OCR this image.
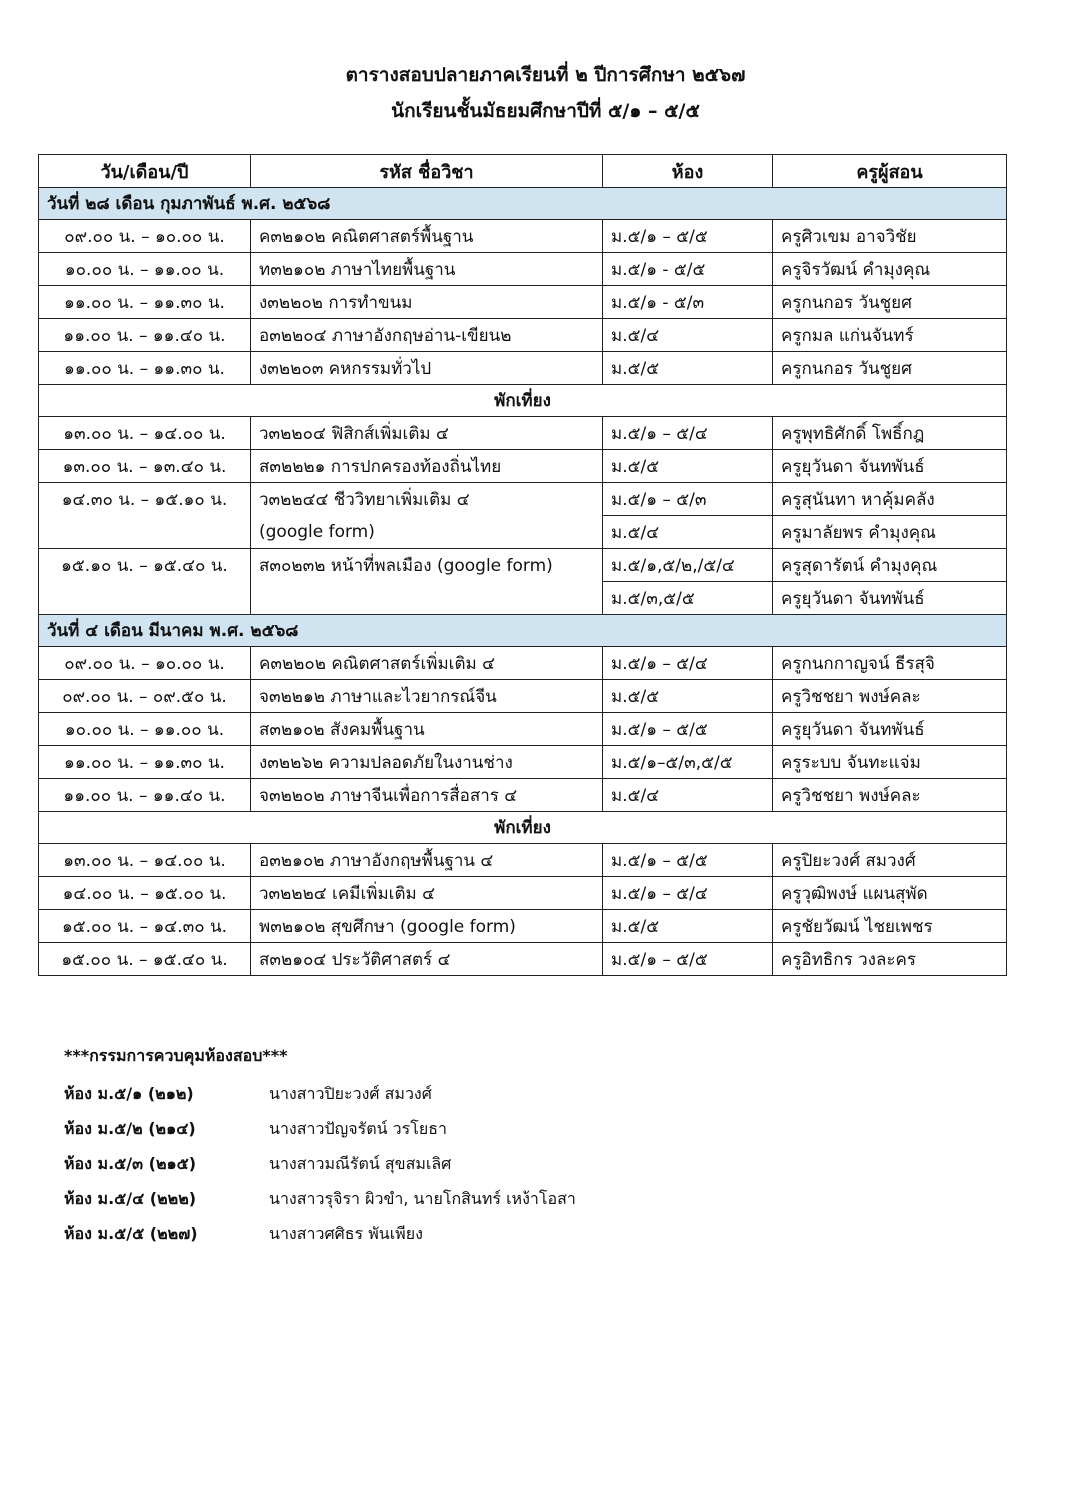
ตารางสอบปลายภาคเรียนที่ ๒ ปีการศึกษา ๒๕๖๗
นักเรียนชั้นมัธยมศึกษาปีที่ ๕/๑ – ๕/๕
วัน/เดือน/ปี	รหัส ชื่อวิชา	ห้อง	ครูผู้สอน
วันที่ ๒๘ เดือน กุมภาพันธ์ พ.ศ. ๒๕๖๘			
๐๙.๐๐ น. – ๑๐.๐๐ น.	ค๓๒๑๐๒ คณิตศาสตร์พื้นฐาน	ม.๕/๑ – ๕/๕	ครูศิวเขม อาจวิชัย
๑๐.๐๐ น. – ๑๑.๐๐ น.	ท๓๒๑๐๒ ภาษาไทยพื้นฐาน	ม.๕/๑ - ๕/๕	ครูจิรวัฒน์ คำมุงคุณ
๑๑.๐๐ น. – ๑๑.๓๐ น.	ง๓๒๒๐๒ การทำขนม	ม.๕/๑ - ๕/๓	ครูกนกอร วันชูยศ
๑๑.๐๐ น. – ๑๑.๔๐ น.	อ๓๒๒๐๔ ภาษาอังกฤษอ่าน-เขียน๒	ม.๕/๔	ครูกมล แก่นจันทร์
๑๑.๐๐ น. – ๑๑.๓๐ น.	ง๓๒๒๐๓ คหกรรมทั่วไป	ม.๕/๕	ครูกนกอร วันชูยศ
พักเที่ยง			
๑๓.๐๐ น. – ๑๔.๐๐ น.	ว๓๒๒๐๔ ฟิสิกส์เพิ่มเติม ๔	ม.๕/๑ – ๕/๔	ครูพุทธิศักดิ์ โพธิ์กฎ
๑๓.๐๐ น. – ๑๓.๔๐ น.	ส๓๒๒๒๑ การปกครองท้องถิ่นไทย	ม.๕/๕	ครูยุวันดา จันทพันธ์
๑๔.๓๐ น. – ๑๕.๑๐ น.	ว๓๒๒๔๔ ชีววิทยาเพิ่มเติม ๔	ม.๕/๑ – ๕/๓	ครูสุนันทา หาคุ้มคลัง
	(google form)	ม.๕/๔	ครูมาลัยพร คำมุงคุณ
๑๕.๑๐ น. – ๑๕.๔๐ น.	ส๓๐๒๓๒ หน้าที่พลเมือง (google form)	ม.๕/๑,๕/๒,/๕/๔	ครูสุดารัตน์ คำมุงคุณ
		ม.๕/๓,๕/๕	ครูยุวันดา จันทพันธ์
วันที่ ๔ เดือน มีนาคม พ.ศ. ๒๕๖๘			
๐๙.๐๐ น. – ๑๐.๐๐ น.	ค๓๒๒๐๒ คณิตศาสตร์เพิ่มเติม ๔	ม.๕/๑ – ๕/๔	ครูกนกกาญจน์ ธีรสุจิ
๐๙.๐๐ น. – ๐๙.๕๐ น.	จ๓๒๒๑๒ ภาษาและไวยากรณ์จีน	ม.๕/๕	ครูวิชชยา พงษ์คละ
๑๐.๐๐ น. – ๑๑.๐๐ น.	ส๓๒๑๐๒ สังคมพื้นฐาน	ม.๕/๑ – ๕/๕	ครูยุวันดา จันทพันธ์
๑๑.๐๐ น. – ๑๑.๓๐ น.	ง๓๒๒๖๒ ความปลอดภัยในงานช่าง	ม.๕/๑–๕/๓,๕/๕	ครูระบบ จันทะแจ่ม
๑๑.๐๐ น. – ๑๑.๔๐ น.	จ๓๒๒๐๒ ภาษาจีนเพื่อการสื่อสาร ๔	ม.๕/๔	ครูวิชชยา พงษ์คละ
พักเที่ยง			
๑๓.๐๐ น. – ๑๔.๐๐ น.	อ๓๒๑๐๒ ภาษาอังกฤษพื้นฐาน ๔	ม.๕/๑ – ๕/๕	ครูปิยะวงศ์ สมวงศ์
๑๔.๐๐ น. – ๑๕.๐๐ น.	ว๓๒๒๒๔ เคมีเพิ่มเติม ๔	ม.๕/๑ – ๕/๔	ครูวุฒิพงษ์ แผนสุพัด
๑๕.๐๐ น. – ๑๔.๓๐ น.	พ๓๒๑๐๒ สุขศึกษา (google form)	ม.๕/๕	ครูชัยวัฒน์ ไชยเพชร
๑๕.๐๐ น. – ๑๕.๔๐ น.	ส๓๒๑๐๔ ประวัติศาสตร์ ๔	ม.๕/๑ – ๕/๕	ครูอิทธิกร วงละคร
***กรรมการควบคุมห้องสอบ***
ห้อง ม.๕/๑ (๒๑๒)	นางสาวปิยะวงศ์ สมวงศ์
ห้อง ม.๕/๒ (๒๑๔)	นางสาวปัญจรัตน์ วรโยธา
ห้อง ม.๕/๓ (๒๑๕)	นางสาวมณีรัตน์ สุขสมเลิศ
ห้อง ม.๕/๔ (๒๒๒)	นางสาวรุจิรา ผิวขำ, นายโกสินทร์ เหง้าโอสา
ห้อง ม.๕/๕ (๒๒๗)	นางสาวศศิธร พันเพียง
